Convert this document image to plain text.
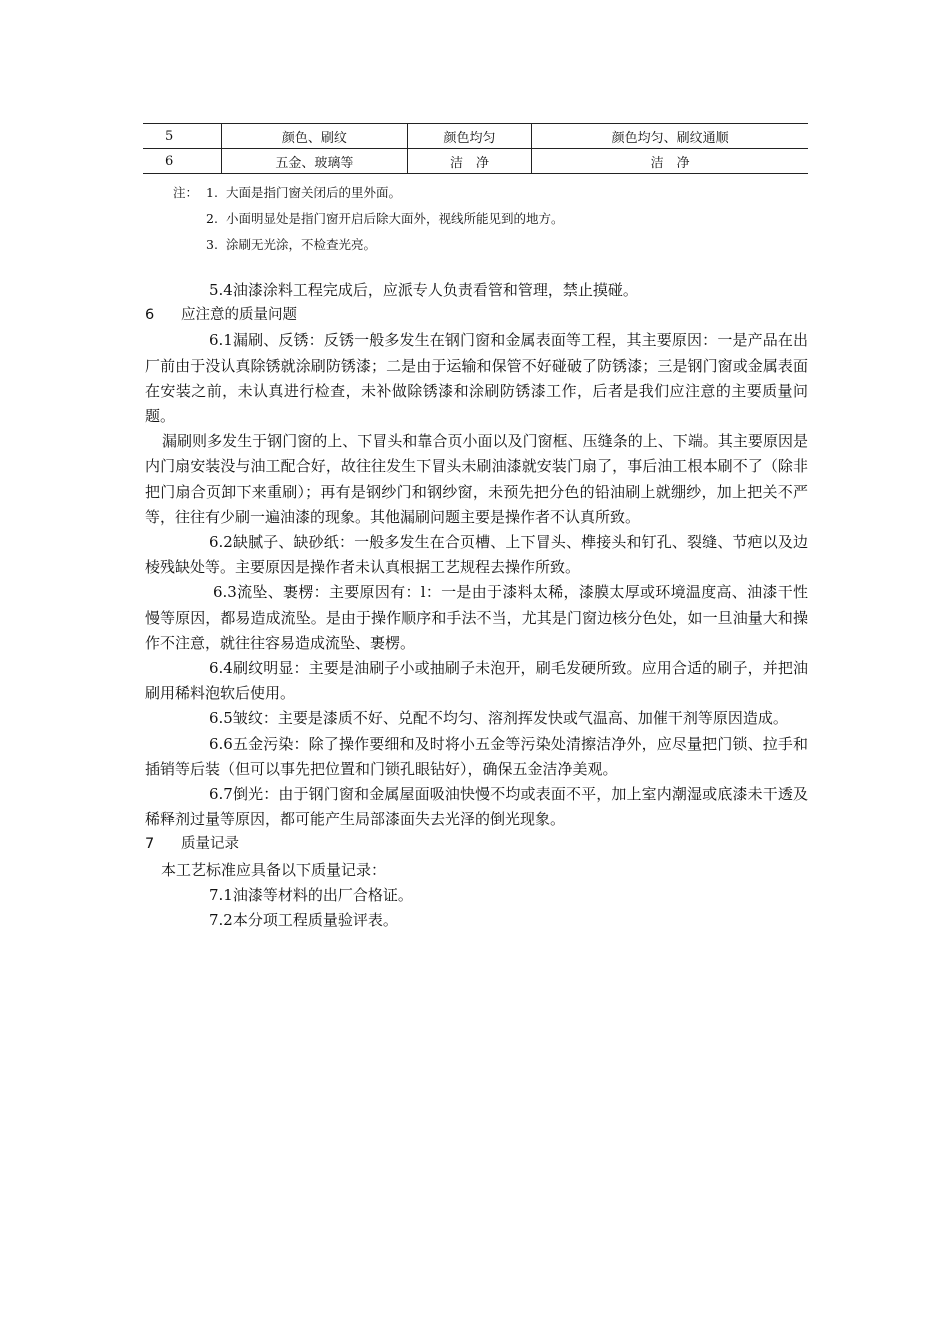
5	颜色、刷纹	颜色均匀	颜色均匀、刷纹通顺
6	五金、玻璃等	洁　净	洁　净
注： 1. 大面是指门窗关闭后的里外面。
2. 小面明显处是指门窗开启后除大面外，视线所能见到的地方。
3. 涂刷无光涂，不检查光亮。

5.4油漆涂料工程完成后，应派专人负责看管和管理，禁止摸碰。

6 应注意的质量问题

6.1漏刷、反锈：反锈一般多发生在钢门窗和金属表面等工程，其主要原因：一是产品在出厂前由于没认真除锈就涂刷防锈漆；二是由于运输和保管不好碰破了防锈漆；三是钢门窗或金属表面在安装之前，未认真进行检查，未补做除锈漆和涂刷防锈漆工作，后者是我们应注意的主要质量问题。

漏刷则多发生于钢门窗的上、下冒头和靠合页小面以及门窗框、压缝条的上、下端。其主要原因是内门扇安装没与油工配合好，故往往发生下冒头未刷油漆就安装门扇了，事后油工根本刷不了（除非把门扇合页卸下来重刷）；再有是钢纱门和钢纱窗，未预先把分色的铅油刷上就绷纱，加上把关不严等，往往有少刷一遍油漆的现象。其他漏刷问题主要是操作者不认真所致。

6.2缺腻子、缺砂纸：一般多发生在合页槽、上下冒头、榫接头和钉孔、裂缝、节疤以及边棱残缺处等。主要原因是操作者未认真根据工艺规程去操作所致。

6.3流坠、裹楞：主要原因有：l：一是由于漆料太稀，漆膜太厚或环境温度高、油漆干性慢等原因，都易造成流坠。是由于操作顺序和手法不当，尤其是门窗边核分色处，如一旦油量大和操作不注意，就往往容易造成流坠、裹楞。

6.4刷纹明显：主要是油刷子小或抽刷子未泡开，刷毛发硬所致。应用合适的刷子，并把油刷用稀料泡软后使用。

6.5皱纹：主要是漆质不好、兑配不均匀、溶剂挥发快或气温高、加催干剂等原因造成。

6.6五金污染：除了操作要细和及时将小五金等污染处清擦洁净外，应尽量把门锁、拉手和插销等后装（但可以事先把位置和门锁孔眼钻好），确保五金洁净美观。

6.7倒光：由于钢门窗和金属屋面吸油快慢不均或表面不平，加上室内潮湿或底漆未干透及稀释剂过量等原因，都可能产生局部漆面失去光泽的倒光现象。

7 质量记录

本工艺标准应具备以下质量记录：

7.1油漆等材料的出厂合格证。

7.2本分项工程质量验评表。
